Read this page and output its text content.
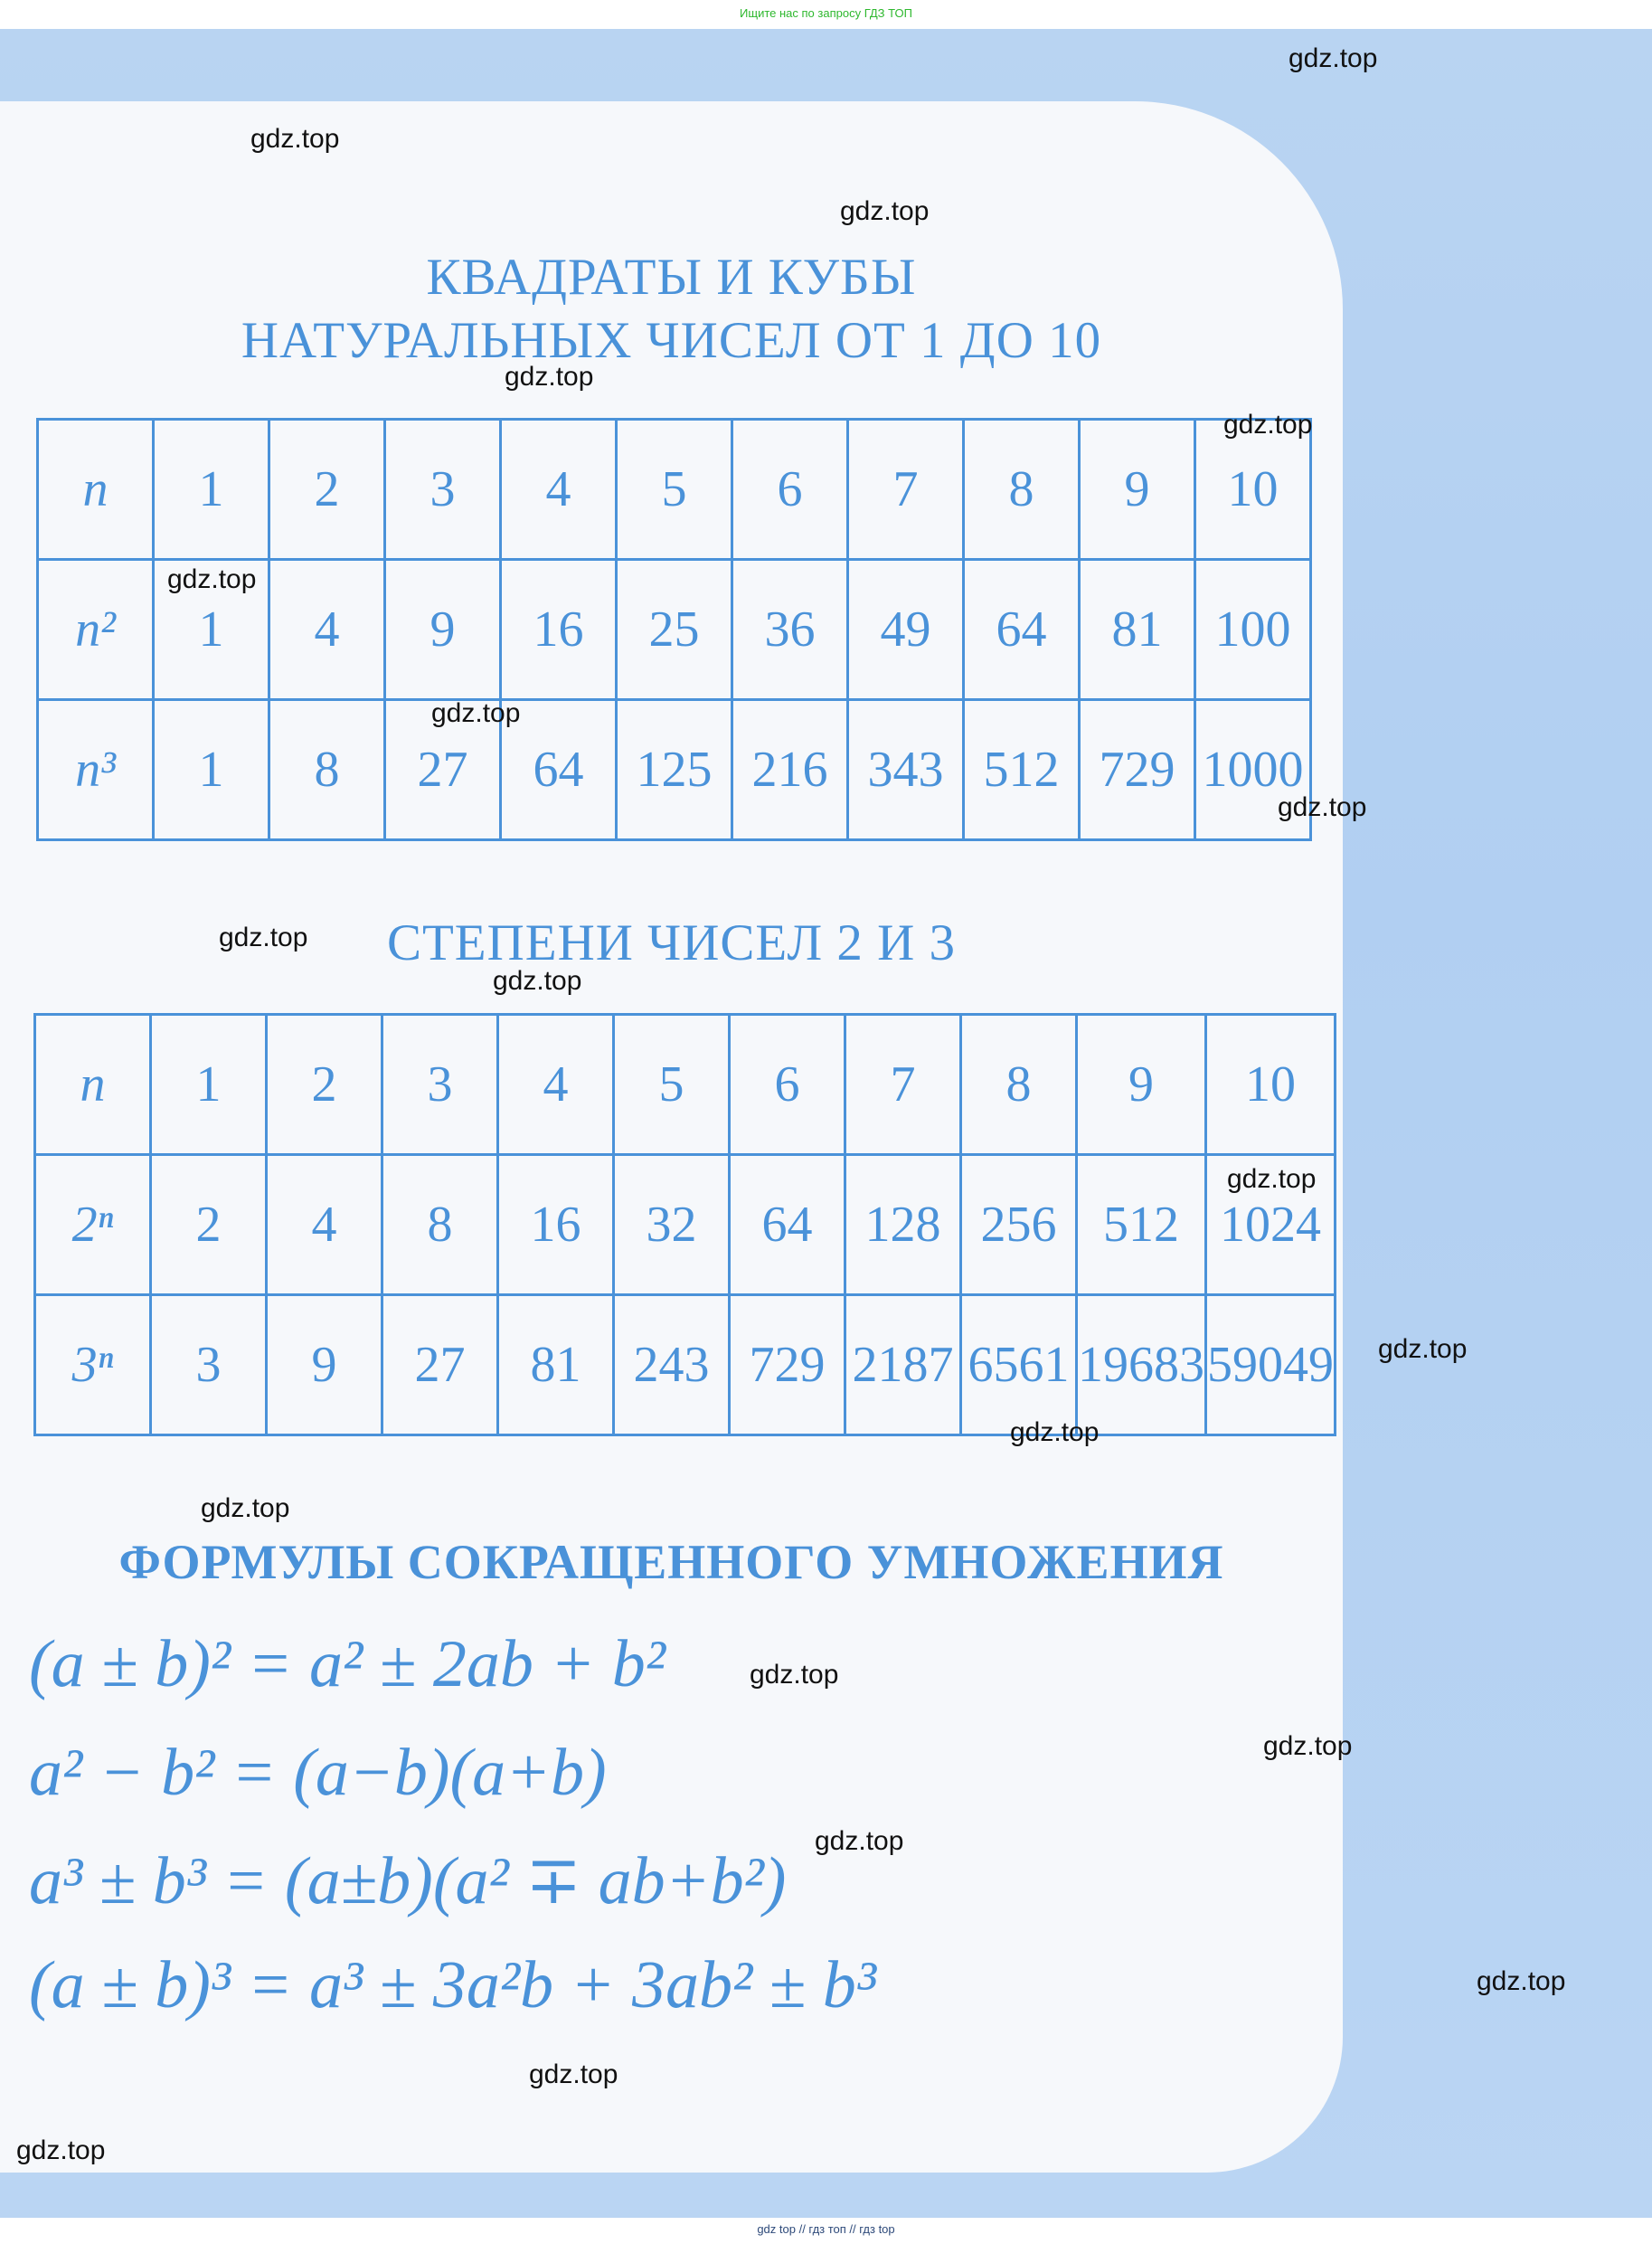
Ищите нас по запросу ГДЗ ТОП
КВАДРАТЫ И КУБЫ
НАТУРАЛЬНЫХ ЧИСЕЛ ОТ 1 ДО 10
n	1	2	3	4	5	6	7	8	9	10
n²	1	4	9	16	25	36	49	64	81	100
n³	1	8	27	64	125	216	343	512	729	1000
СТЕПЕНИ ЧИСЕЛ 2 И 3
n	1	2	3	4	5	6	7	8	9	10
2ⁿ	2	4	8	16	32	64	128	256	512	1024
3ⁿ	3	9	27	81	243	729	2187	6561	19683	59049
ФОРМУЛЫ СОКРАЩЕННОГО УМНОЖЕНИЯ
(a ± b)² = a² ± 2ab + b²
a² − b² = (a−b)(a+b)
a³ ± b³ = (a±b)(a² ∓ ab+b²)
(a ± b)³ = a³ ± 3a²b + 3ab² ± b³
gdz.top
gdz.top
gdz.top
gdz.top
gdz.top
gdz.top
gdz.top
gdz.top
gdz.top
gdz.top
gdz.top
gdz.top
gdz.top
gdz.top
gdz.top
gdz.top
gdz.top
gdz.top
gdz.top
gdz.top
gdz top // гдз топ // гдз top
